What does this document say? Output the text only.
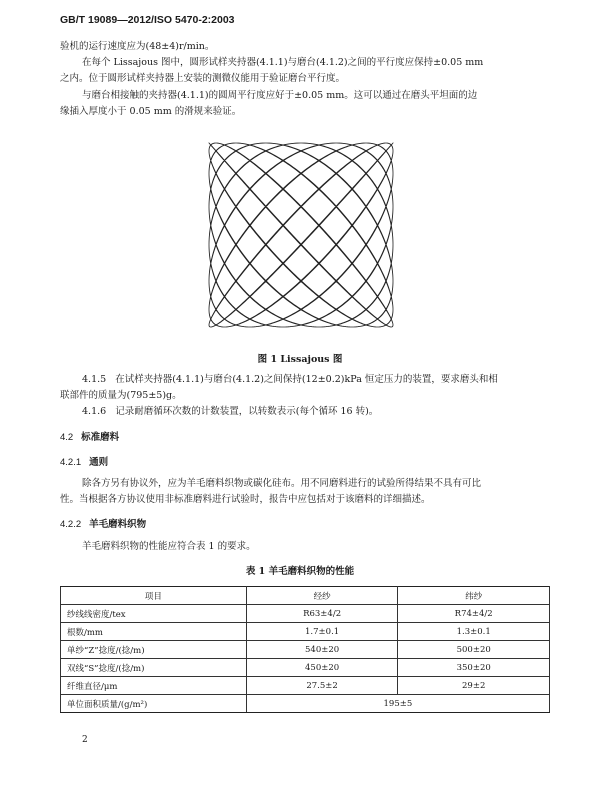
GB/T 19089—2012/ISO 5470-2:2003
验机的运行速度应为(48±4)r/min。
在每个 Lissajous 图中，圆形试样夹持器(4.1.1)与磨台(4.1.2)之间的平行度应保持±0.05 mm
之内。位于圆形试样夹持器上安装的测微仪能用于验证磨台平行度。
与磨台相接触的夹持器(4.1.1)的圆周平行度应好于±0.05 mm。这可以通过在磨头平坦面的边
缘插入厚度小于 0.05 mm 的滑规来验证。
图 1 Lissajous 图
4.1.5 在试样夹持器(4.1.1)与磨台(4.1.2)之间保持(12±0.2)kPa 恒定压力的装置，要求磨头和相
联部件的质量为(795±5)g。
4.1.6 记录耐磨循环次数的计数装置，以转数表示(每个循环 16 转)。
4.2 标准磨料
4.2.1 通则
除各方另有协议外，应为羊毛磨料织物或碳化硅布。用不同磨料进行的试验所得结果不具有可比
性。当根据各方协议使用非标准磨料进行试验时，报告中应包括对于该磨料的详细描述。
4.2.2 羊毛磨料织物
羊毛磨料织物的性能应符合表 1 的要求。
表 1 羊毛磨料织物的性能
项目	经纱	纬纱
纱线线密度/tex	R63±4/2	R74±4/2
根数/mm	1.7±0.1	1.3±0.1
单纱“Z”捻度/(捻/m)	540±20	500±20
双线“S”捻度/(捻/m)	450±20	350±20
纤维直径/μm	27.5±2	29±2
单位面积质量/(g/m²)	195±5	
2
